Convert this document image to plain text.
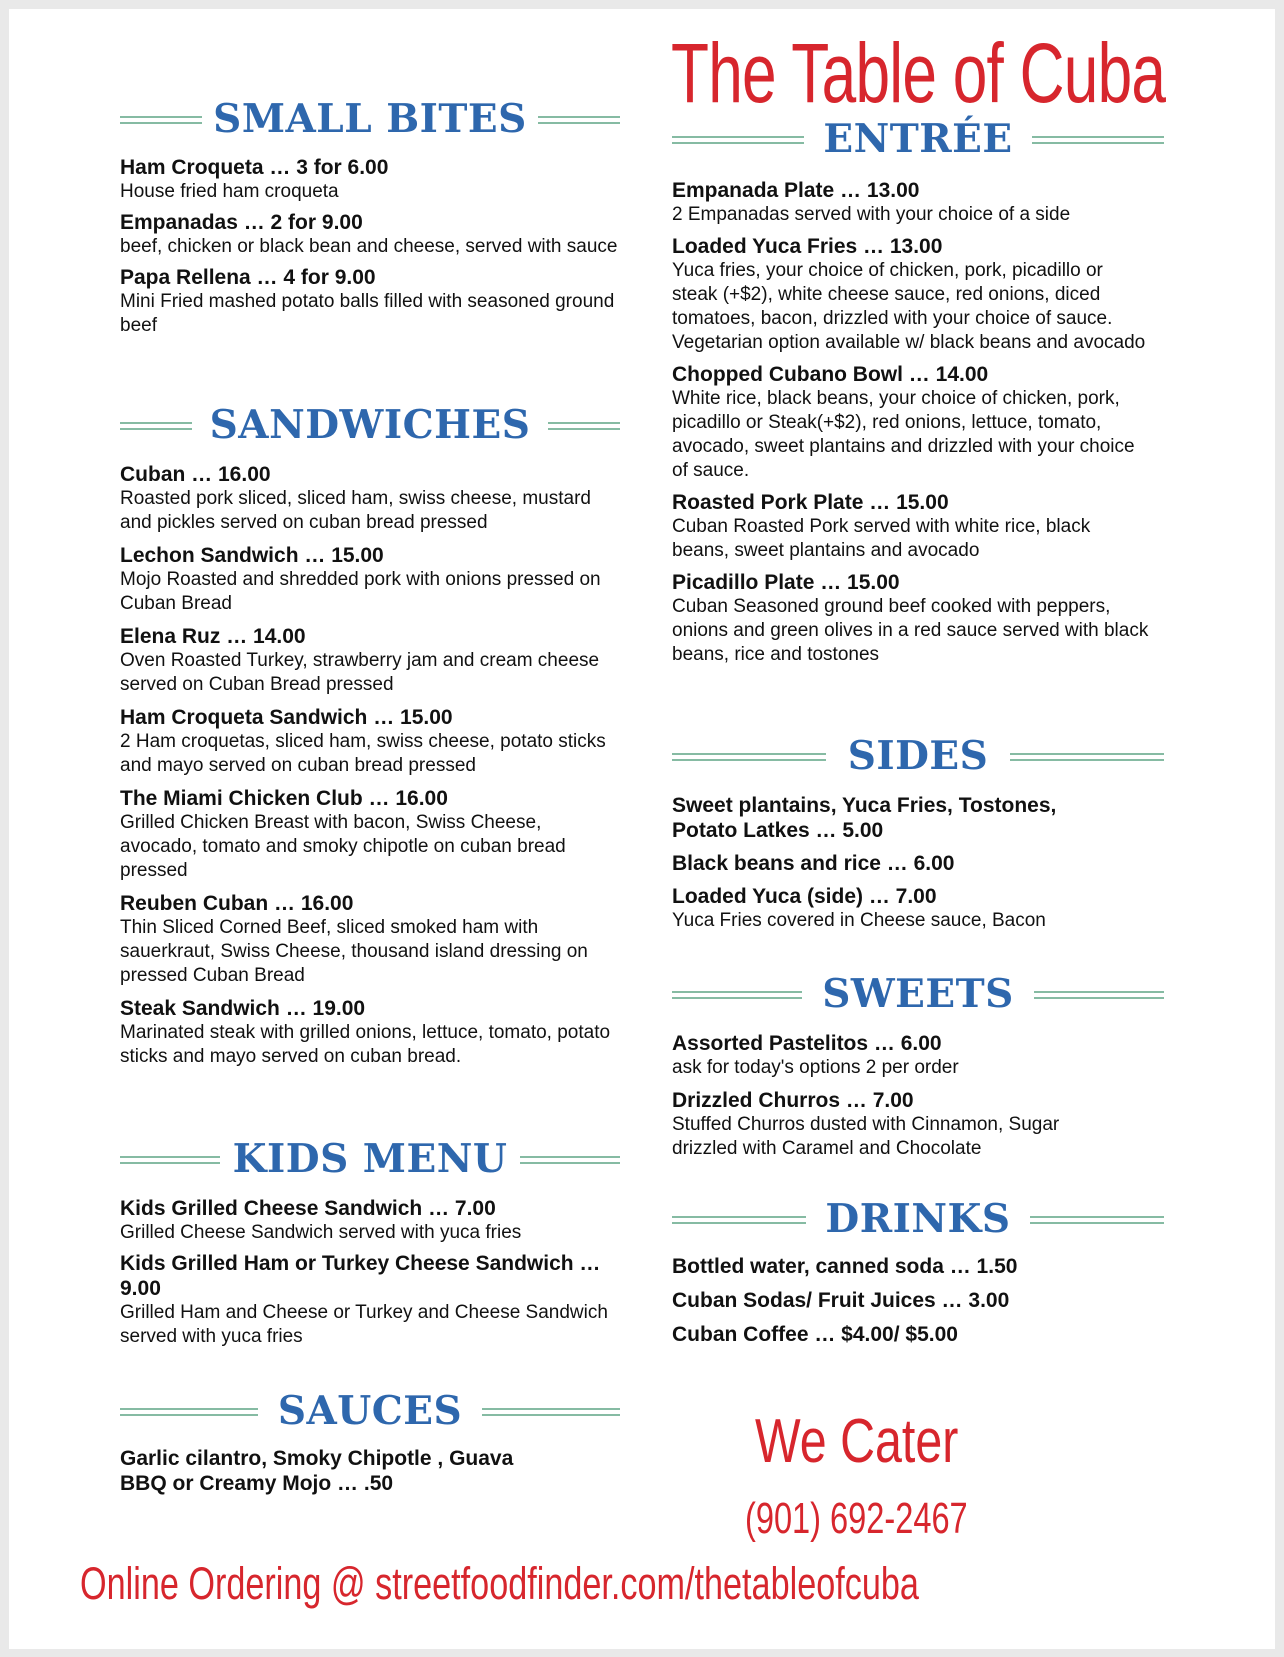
The Table of Cuba
SMALL BITES
Ham Croqueta … 3 for 6.00
House fried ham croqueta
Empanadas … 2 for 9.00
beef, chicken or black bean and cheese, served with sauce
Papa Rellena … 4 for 9.00
Mini Fried mashed potato balls filled with seasoned ground beef
SANDWICHES
Cuban … 16.00
Roasted pork sliced, sliced ham, swiss cheese, mustard and pickles served on cuban bread pressed
Lechon Sandwich … 15.00
Mojo Roasted and shredded pork with onions pressed on Cuban Bread
Elena Ruz … 14.00
Oven Roasted Turkey, strawberry jam and cream cheese served on Cuban Bread pressed
Ham Croqueta Sandwich … 15.00
2 Ham croquetas, sliced ham, swiss cheese, potato sticks and mayo served on cuban bread pressed
The Miami Chicken Club … 16.00
Grilled Chicken Breast with bacon, Swiss Cheese, avocado, tomato and smoky chipotle on cuban bread pressed
Reuben Cuban … 16.00
Thin Sliced Corned Beef, sliced smoked ham with sauerkraut, Swiss Cheese, thousand island dressing on pressed Cuban Bread
Steak Sandwich … 19.00
Marinated steak with grilled onions, lettuce, tomato, potato sticks and mayo served on cuban bread.
KIDS MENU
Kids Grilled Cheese Sandwich … 7.00
Grilled Cheese Sandwich served with yuca fries
Kids Grilled Ham or Turkey Cheese Sandwich … 9.00
Grilled Ham and Cheese or Turkey and Cheese Sandwich served with yuca fries
SAUCES
Garlic cilantro, Smoky Chipotle , Guava BBQ or Creamy Mojo … .50
ENTRÉE
Empanada Plate … 13.00
2 Empanadas served with your choice of a side
Loaded Yuca Fries … 13.00
Yuca fries, your choice of chicken, pork, picadillo or steak (+$2), white cheese sauce, red onions, diced tomatoes, bacon, drizzled with your choice of sauce. Vegetarian option available w/ black beans and avocado
Chopped Cubano Bowl … 14.00
White rice, black beans, your choice of chicken, pork, picadillo or Steak(+$2), red onions, lettuce, tomato, avocado, sweet plantains and drizzled with your choice of sauce.
Roasted Pork Plate … 15.00
Cuban Roasted Pork served with white rice, black beans, sweet plantains and avocado
Picadillo Plate … 15.00
Cuban Seasoned ground beef cooked with peppers, onions and green olives in a red sauce served with black beans, rice and tostones
SIDES
Sweet plantains, Yuca Fries, Tostones, Potato Latkes … 5.00
Black beans and rice … 6.00
Loaded Yuca (side) … 7.00
Yuca Fries covered in Cheese sauce, Bacon
SWEETS
Assorted Pastelitos … 6.00
ask for today's options 2 per order
Drizzled Churros … 7.00
Stuffed Churros dusted with Cinnamon, Sugar drizzled with Caramel and Chocolate
DRINKS
Bottled water, canned soda … 1.50
Cuban Sodas/ Fruit Juices … 3.00
Cuban Coffee … $4.00/ $5.00
We Cater
(901) 692-2467
Online Ordering @ streetfoodfinder.com/thetableofcuba
